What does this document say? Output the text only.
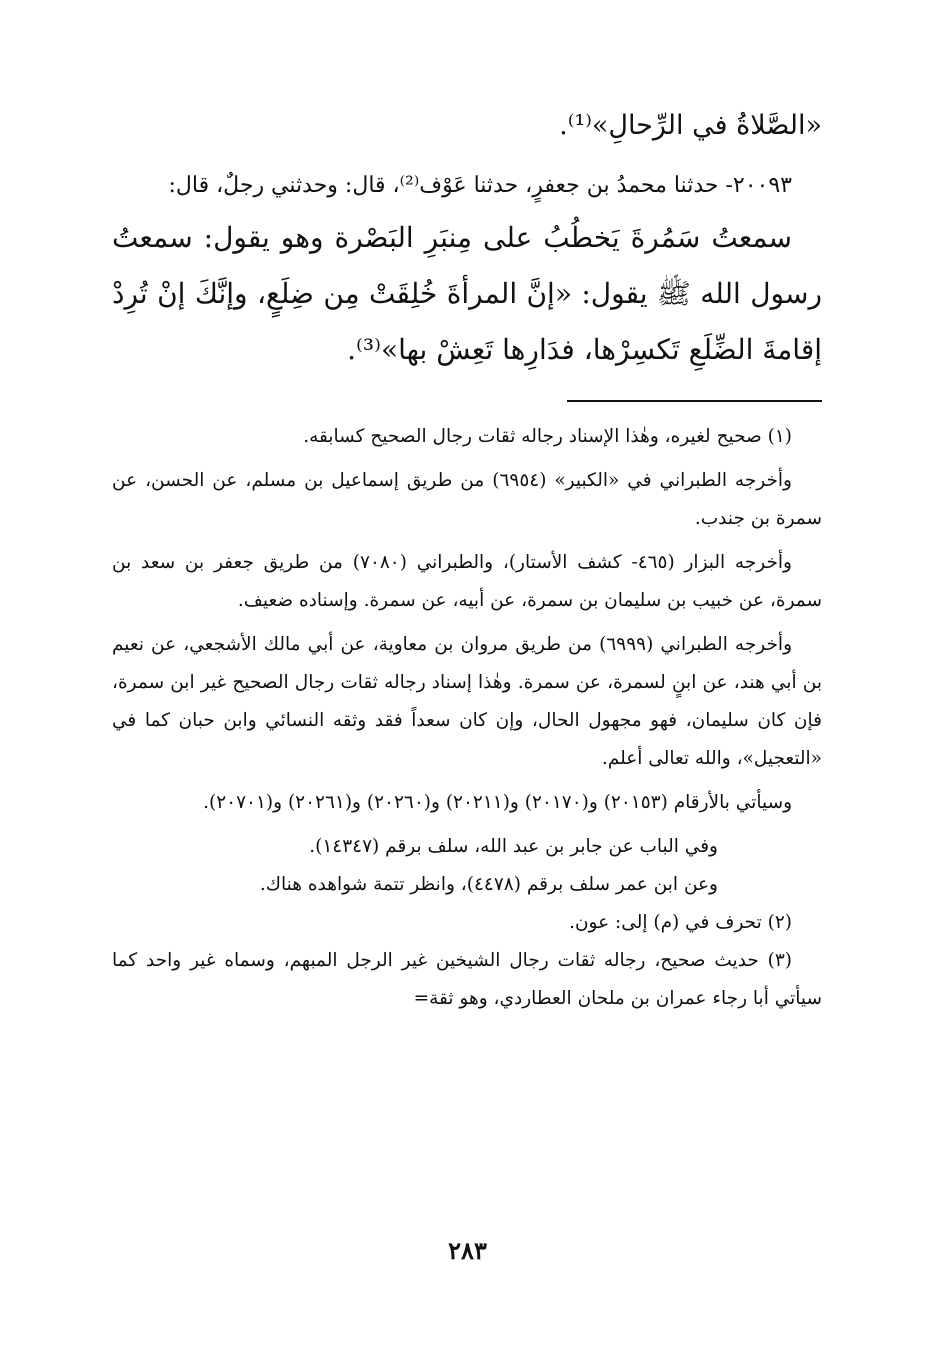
«الصَّلاةُ في الرِّحالِ»⁽¹⁾.

٢٠٠٩٣- حدثنا محمدُ بن جعفرٍ، حدثنا عَوْف⁽²⁾، قال: وحدثني رجلٌ، قال:

سمعتُ سَمُرةَ يَخطُبُ على مِنبَرِ البَصْرة وهو يقول: سمعتُ رسول الله ﷺ يقول: «إنَّ المرأةَ خُلِقَتْ مِن ضِلَعٍ، وإنَّكَ إنْ تُرِدْ إقامةَ الضِّلَعِ تَكسِرْها، فدَارِها تَعِشْ بها»⁽³⁾.

(١) صحيح لغيره، وهٰذا الإسناد رجاله ثقات رجال الصحيح كسابقه.

وأخرجه الطبراني في «الكبير» (٦٩٥٤) من طريق إسماعيل بن مسلم، عن الحسن، عن سمرة بن جندب.

وأخرجه البزار (٤٦٥- كشف الأستار)، والطبراني (٧٠٨٠) من طريق جعفر بن سعد بن سمرة، عن خبيب بن سليمان بن سمرة، عن أبيه، عن سمرة. وإسناده ضعيف.

وأخرجه الطبراني (٦٩٩٩) من طريق مروان بن معاوية، عن أبي مالك الأشجعي، عن نعيم بن أبي هند، عن ابنٍ لسمرة، عن سمرة. وهٰذا إسناد رجاله ثقات رجال الصحيح غير ابن سمرة، فإن كان سليمان، فهو مجهول الحال، وإن كان سعداً فقد وثقه النسائي وابن حبان كما في «التعجيل»، والله تعالى أعلم.

وسيأتي بالأرقام (٢٠١٥٣) و(٢٠١٧٠) و(٢٠٢١١) و(٢٠٢٦٠) و(٢٠٢٦١) و(٢٠٧٠١).

وفي الباب عن جابر بن عبد الله، سلف برقم (١٤٣٤٧).

وعن ابن عمر سلف برقم (٤٤٧٨)، وانظر تتمة شواهده هناك.

(٢) تحرف في (م) إلى: عون.

(٣) حديث صحيح، رجاله ثقات رجال الشيخين غير الرجل المبهم، وسماه غير واحد كما سيأتي أبا رجاء عمران بن ملحان العطاردي، وهو ثقة=

٢٨٣
